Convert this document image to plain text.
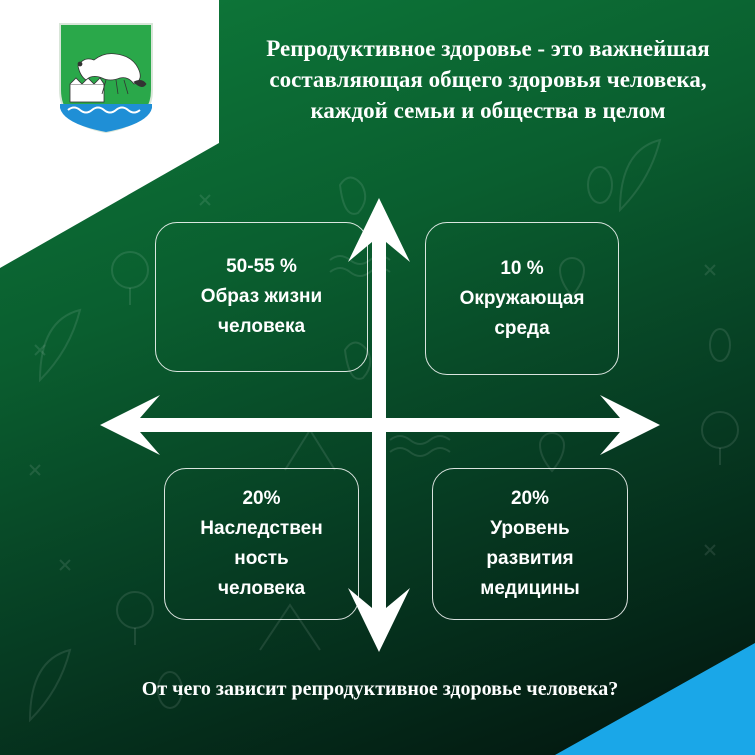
Репродуктивное здоровье - это важнейшая составляющая общего здоровья человека, каждой семьи и общества в целом

50-55 %
Образ жизни
человека
10 %
Окружающая
среда
20%
Наследствен
ность
человека
20%
Уровень
развития
медицины

От чего зависит репродуктивное здоровье человека?
